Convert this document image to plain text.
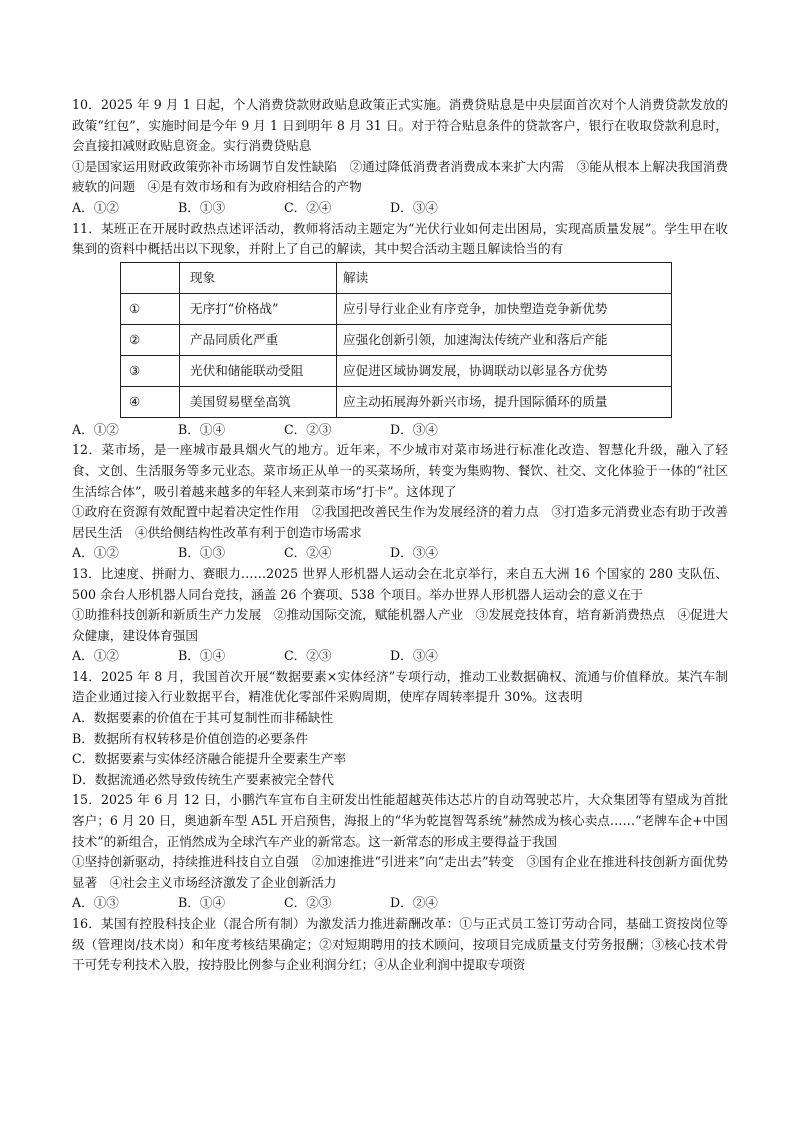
10．2025 年 9 月 1 日起，个人消费贷款财政贴息政策正式实施。消费贷贴息是中央层面首次对个人消费贷款发放的政策“红包”，实施时间是今年 9 月 1 日到明年 8 月 31 日。对于符合贴息条件的贷款客户，银行在收取贷款利息时，会直接扣减财政贴息资金。实行消费贷贴息

①是国家运用财政政策弥补市场调节自发性缺陷　②通过降低消费者消费成本来扩大内需　③能从根本上解决我国消费疲软的问题　④是有效市场和有为政府相结合的产物

A．①②	B．①③	C．②④	D．③④

11．某班正在开展时政热点述评活动，教师将活动主题定为“光伏行业如何走出困局，实现高质量发展”。学生甲在收集到的资料中概括出以下现象，并附上了自己的解读，其中契合活动主题且解读恰当的有

	现象	解读
①	无序打“价格战”	应引导行业企业有序竞争，加快塑造竞争新优势
②	产品同质化严重	应强化创新引领，加速淘汰传统产业和落后产能
③	光伏和储能联动受阻	应促进区域协调发展，协调联动以彰显各方优势
④	美国贸易壁垒高筑	应主动拓展海外新兴市场，提升国际循环的质量
A．①②	B．①④	C．②③	D．③④

12．菜市场，是一座城市最具烟火气的地方。近年来，不少城市对菜市场进行标准化改造、智慧化升级，融入了轻食、文创、生活服务等多元业态。菜市场正从单一的买菜场所，转变为集购物、餐饮、社交、文化体验于一体的“社区生活综合体”，吸引着越来越多的年轻人来到菜市场“打卡”。这体现了

①政府在资源有效配置中起着决定性作用　②我国把改善民生作为发展经济的着力点　③打造多元消费业态有助于改善居民生活　④供给侧结构性改革有利于创造市场需求

A．①②	B．①③	C．②④	D．③④

13．比速度、拼耐力、赛眼力……2025 世界人形机器人运动会在北京举行，来自五大洲 16 个国家的 280 支队伍、500 余台人形机器人同台竞技，涵盖 26 个赛项、538 个项目。举办世界人形机器人运动会的意义在于

①助推科技创新和新质生产力发展　②推动国际交流，赋能机器人产业　③发展竞技体育，培育新消费热点　④促进大众健康，建设体育强国

A．①②	B．①④	C．②③	D．③④

14．2025 年 8 月，我国首次开展“数据要素×实体经济”专项行动，推动工业数据确权、流通与价值释放。某汽车制造企业通过接入行业数据平台，精准优化零部件采购周期，使库存周转率提升 30%。这表明

A．数据要素的价值在于其可复制性而非稀缺性

B．数据所有权转移是价值创造的必要条件

C．数据要素与实体经济融合能提升全要素生产率

D．数据流通必然导致传统生产要素被完全替代

15．2025 年 6 月 12 日，小鹏汽车宣布自主研发出性能超越英伟达芯片的自动驾驶芯片，大众集团等有望成为首批客户；6 月 20 日，奥迪新车型 A5L 开启预售，海报上的“华为乾崑智驾系统”赫然成为核心卖点……“老牌车企+中国技术”的新组合，正悄然成为全球汽车产业的新常态。这一新常态的形成主要得益于我国

①坚持创新驱动，持续推进科技自立自强　②加速推进“引进来”向“走出去”转变　③国有企业在推进科技创新方面优势显著　④社会主义市场经济激发了企业创新活力

A．①③	B．①④	C．②③	D．②④

16．某国有控股科技企业（混合所有制）为激发活力推进薪酬改革：①与正式员工签订劳动合同，基础工资按岗位等级（管理岗/技术岗）和年度考核结果确定；②对短期聘用的技术顾问，按项目完成质量支付劳务报酬；③核心技术骨干可凭专利技术入股，按持股比例参与企业利润分红；④从企业利润中提取专项资
